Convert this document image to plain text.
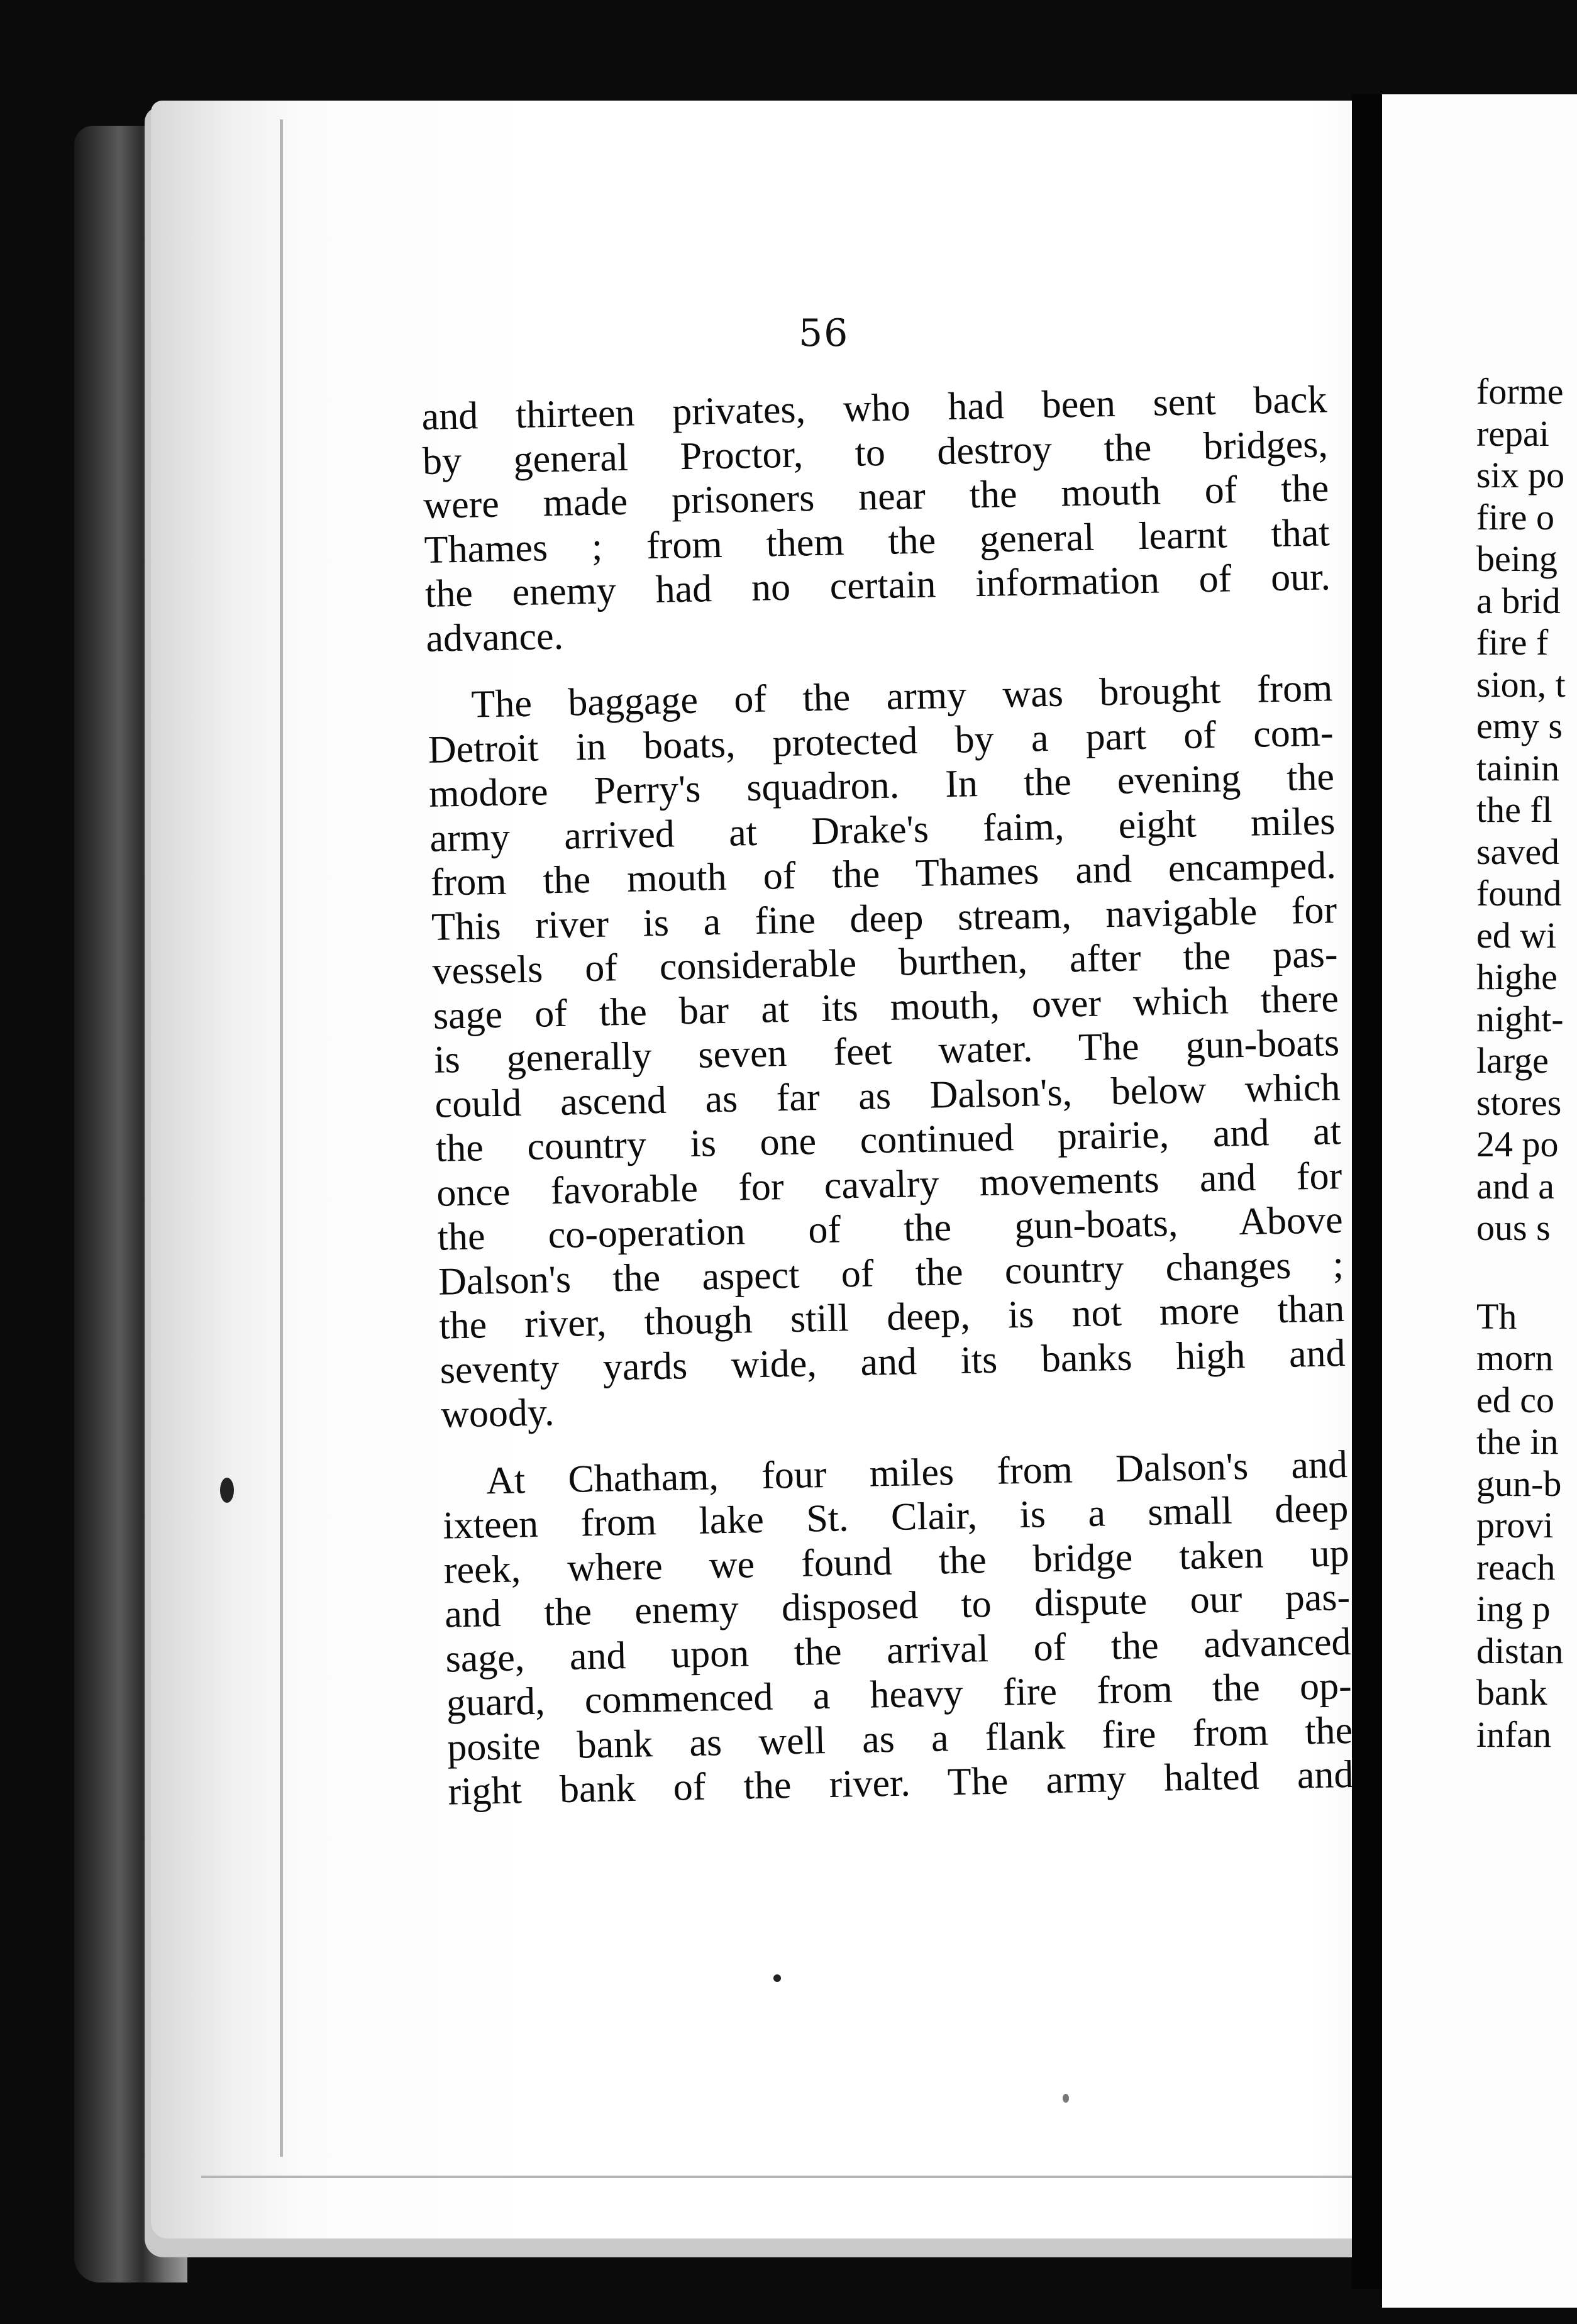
56
and thirteen privates, who had been sent back
by general Proctor, to destroy the bridges,
were made prisoners near the mouth of the
Thames ; from them the general learnt that
the enemy had no certain information of our.
advance.
The baggage of the army was brought from
Detroit in boats, protected by a part of com-
modore Perry's squadron. In the evening the
army arrived at Drake's faim, eight miles
from the mouth of the Thames and encamped.
This river is a fine deep stream, navigable for
vessels of considerable burthen, after the pas-
sage of the bar at its mouth, over which there
is generally seven feet water. The gun-boats
could ascend as far as Dalson's, below which
the country is one continued prairie, and at
once favorable for cavalry movements and for
the co-operation of the gun-boats, Above
Dalson's the aspect of the country changes ;
the river, though still deep, is not more than
seventy yards wide, and its banks high and
woody.
At Chatham, four miles from Dalson's and
ixteen from lake St. Clair, is a small deep
reek, where we found the bridge taken up
and the enemy disposed to dispute our pas-
sage, and upon the arrival of the advanced
guard, commenced a heavy fire from the op-
posite bank as well as a flank fire from the
right bank of the river. The army halted and
forme
repai
six po
fire o
being
a brid
fire f
sion, t
emy s
tainin
the fl
saved
found
ed wi
highe
night-
large
stores
24 po
and a
ous s
Th
morn
ed co
the in
gun-b
provi
reach
ing p
distan
bank
infan
